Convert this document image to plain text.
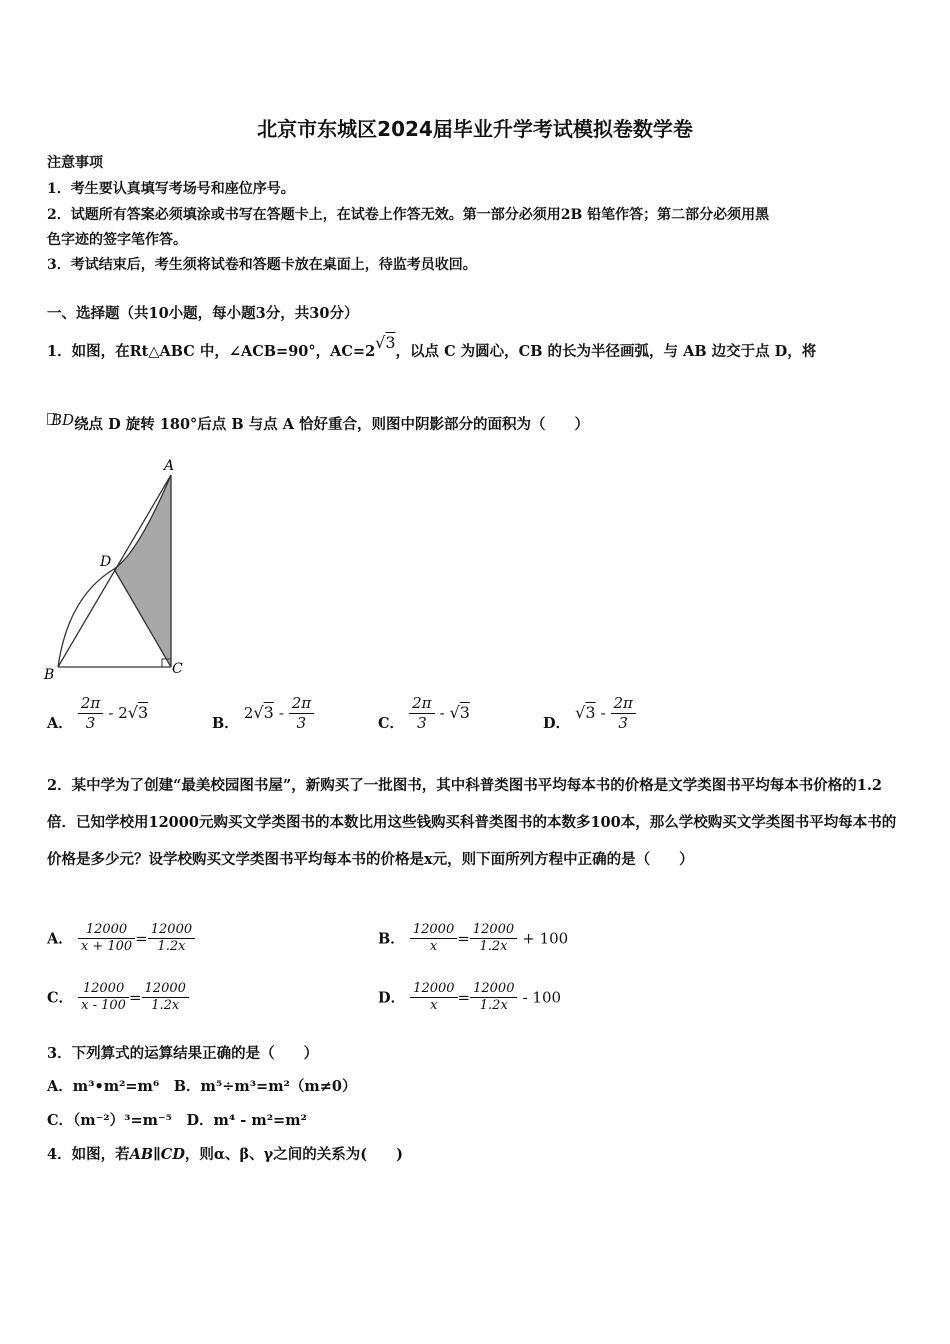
北京市东城区2024届毕业升学考试模拟卷数学卷
注意事项
1．考生要认真填写考场号和座位序号。
2．试题所有答案必须填涂或书写在答题卡上，在试卷上作答无效。第一部分必须用2B 铅笔作答；第二部分必须用黑
色字迹的签字笔作答。
3．考试结束后，考生须将试卷和答题卡放在桌面上，待监考员收回。
一、选择题（共10小题，每小题3分，共30分）
1．如图，在Rt△ABC 中，∠ACB=90°，AC=2√3，以点 C 为圆心，CB 的长为半径画弧，与 AB 边交于点 D，将
BD绕点 D 旋转 180°后点 B 与点 A 恰好重合，则图中阴影部分的面积为（　　）
A
D
B	C
A． $\frac{2\pi}{3} - 2√3$
B． $2√3 - \frac{2\pi}{3}$	C． $\frac{2\pi}{3} - √3$
D． $√3 - \frac{2\pi}{3}$
2．某中学为了创建“最美校园图书屋”，新购买了一批图书，其中科普类图书平均每本书的价格是文学类图书平均每本书价格的1.2倍．已知学校用12000元购买文学类图书的本数比用这些钱购买科普类图书的本数多100本，那么学校购买文学类图书平均每本书的价格是多少元？设学校购买文学类图书平均每本书的价格是x元，则下面所列方程中正确的是（　　）
A． $\frac{12000}{x + 100} = \frac{12000}{1.2x}$	B． $\frac{12000}{x} = \frac{12000}{1.2x} + 100$
C． $\frac{12000}{x - 100} = \frac{12000}{1.2x}$	D． $\frac{12000}{x} = \frac{12000}{1.2x} - 100$
3．下列算式的运算结果正确的是（　　）
A．m³•m²=m⁶　B．m⁵÷m³=m²（m≠0）
C．（m⁻²）³=m⁻⁵　D．m⁴ - m²=m²
4．如图，若AB∥CD，则α、β、γ之间的关系为(　　)
